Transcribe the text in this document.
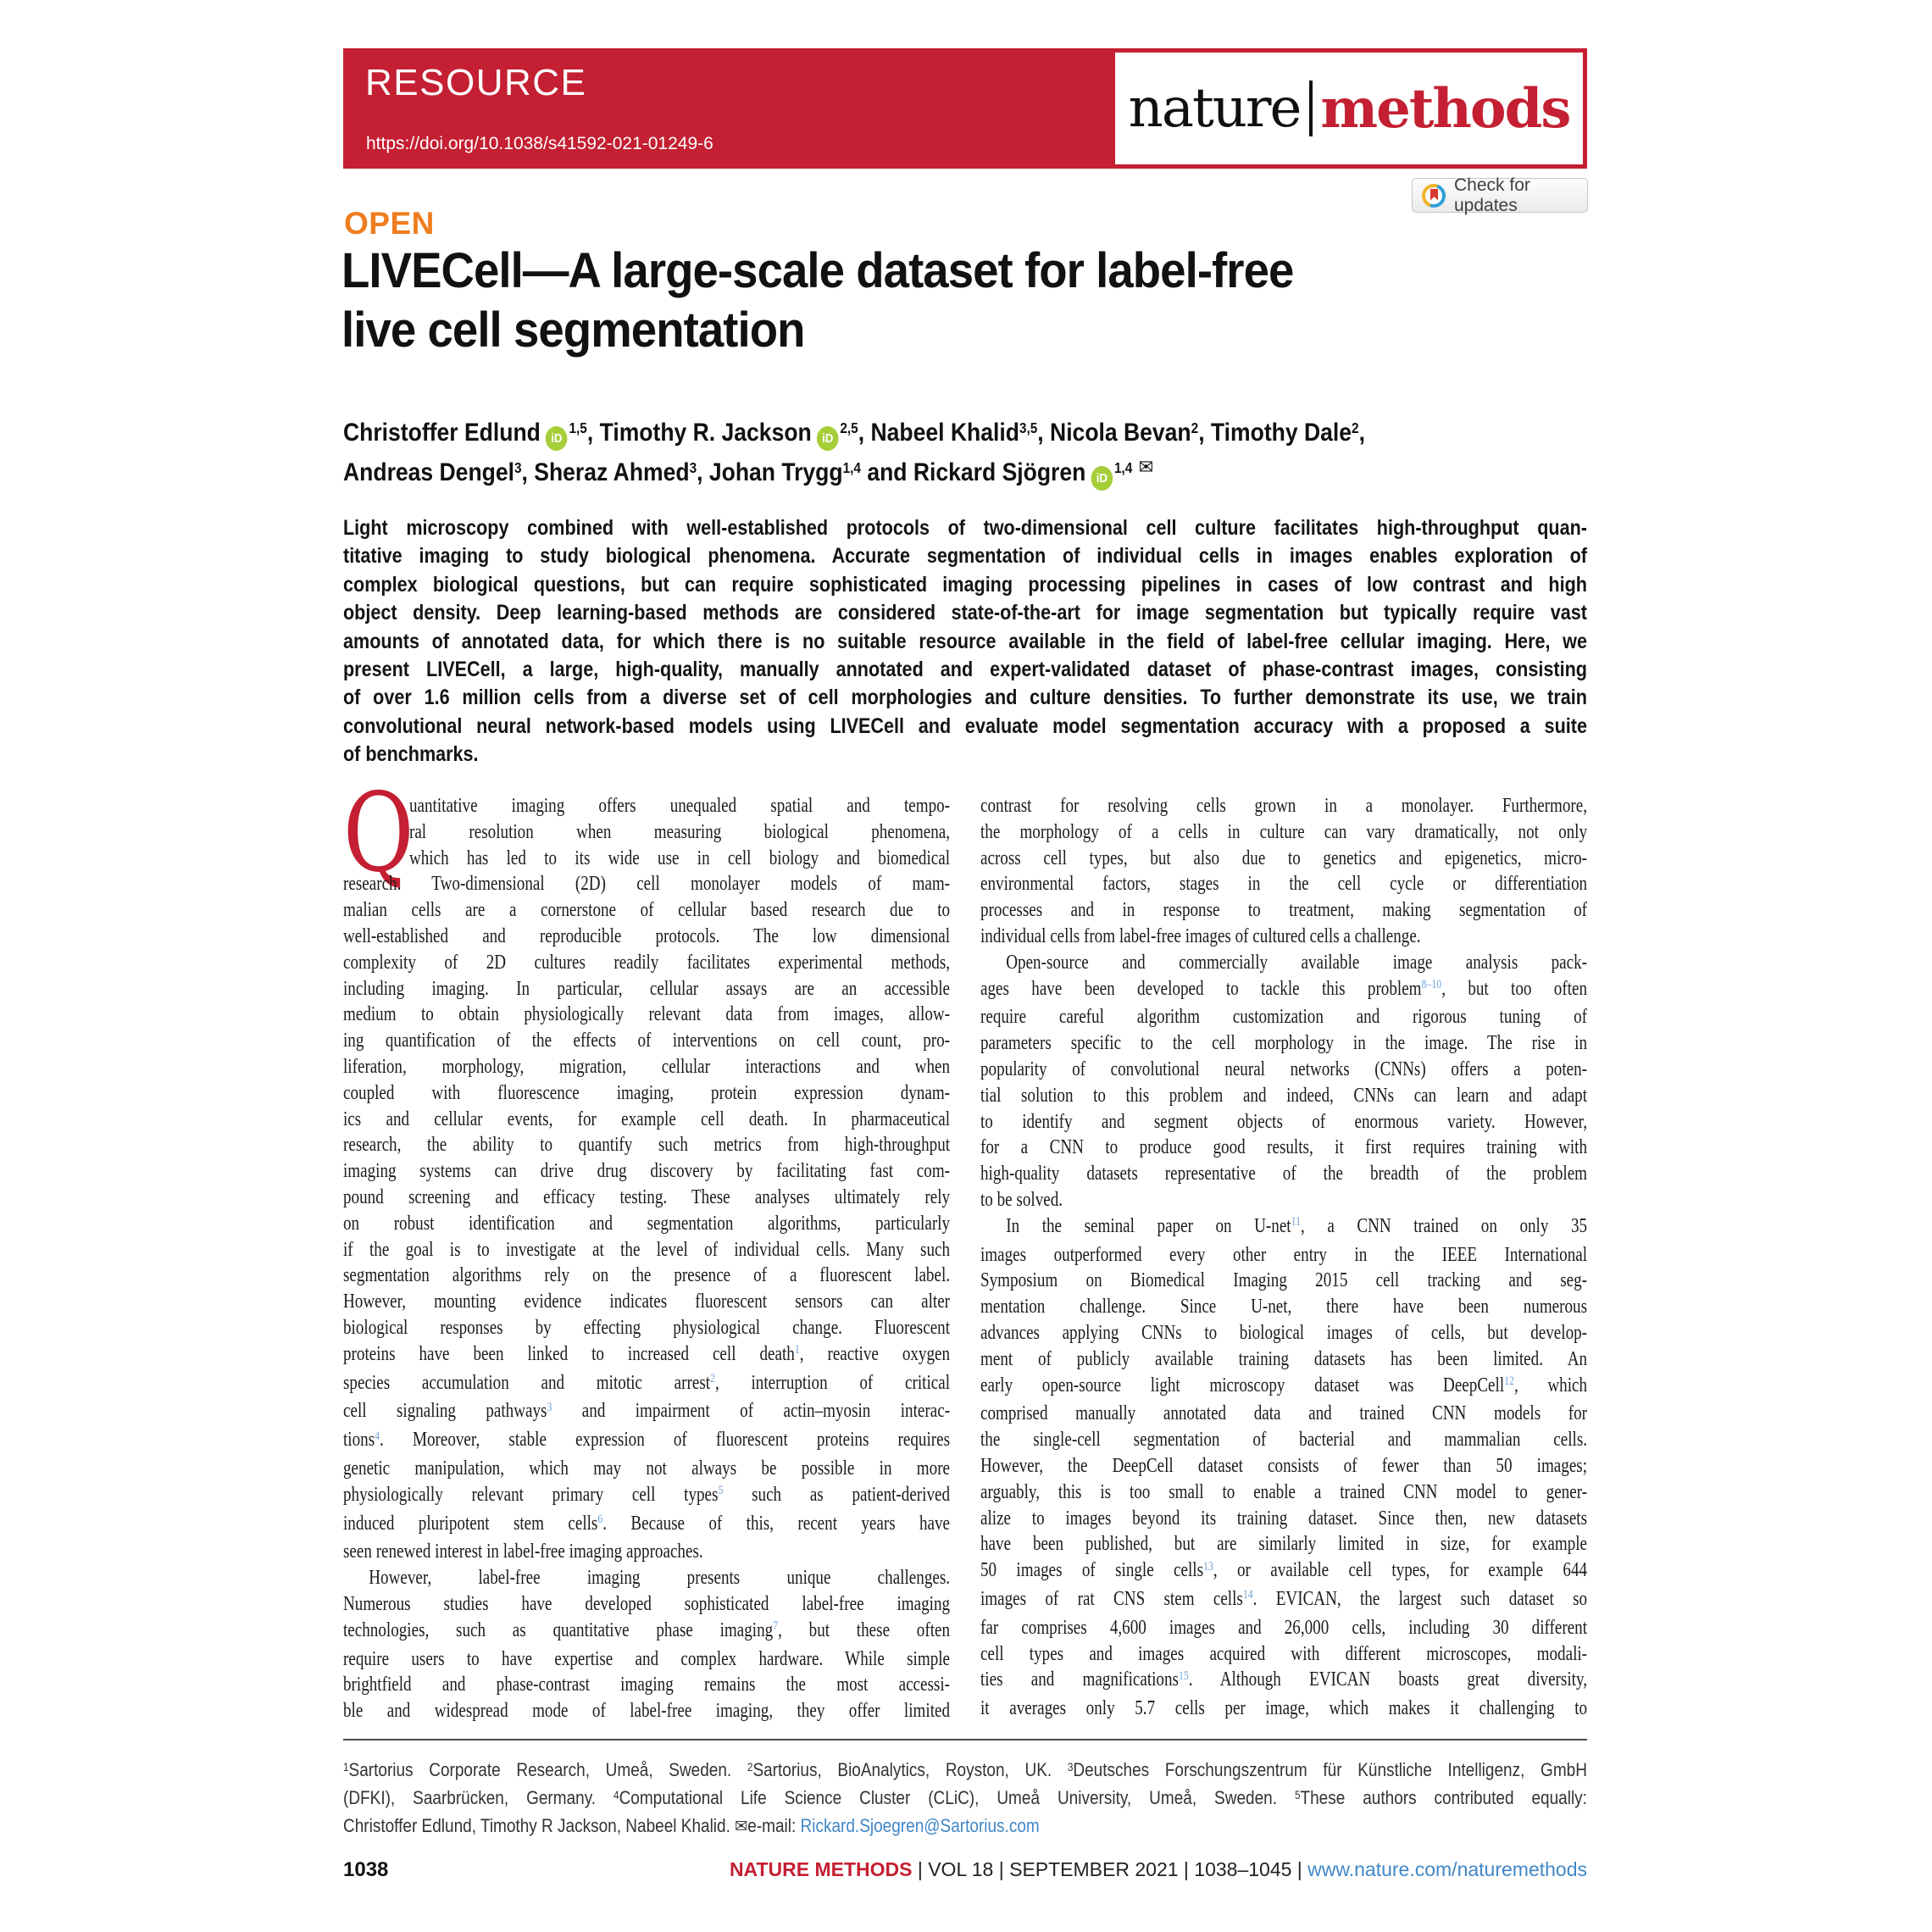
RESOURCE
https://doi.org/10.1038/s41592-021-01249-6
nature methods
Check for updates
OPEN
LIVECell—A large-scale dataset for label-free
live cell segmentation
Christoffer Edlund iD$^{1,5}$, Timothy R. Jackson iD$^{2,5}$, Nabeel Khalid$^{3,5}$, Nicola Bevan$^2$, Timothy Dale$^2$,
Andreas Dengel$^3$, Sheraz Ahmed$^3$, Johan Trygg$^{1,4}$ and Rickard Sjögren iD$^{1,4}$ ✉
Light microscopy combined with well-established protocols of two-dimensional cell culture facilitates high-throughput quan-
titative imaging to study biological phenomena. Accurate segmentation of individual cells in images enables exploration of
complex biological questions, but can require sophisticated imaging processing pipelines in cases of low contrast and high
object density. Deep learning-based methods are considered state-of-the-art for image segmentation but typically require vast
amounts of annotated data, for which there is no suitable resource available in the field of label-free cellular imaging. Here, we
present LIVECell, a large, high-quality, manually annotated and expert-validated dataset of phase-contrast images, consisting
of over 1.6 million cells from a diverse set of cell morphologies and culture densities. To further demonstrate its use, we train
convolutional neural network-based models using LIVECell and evaluate model segmentation accuracy with a proposed a suite
of benchmarks.
Q
uantitative imaging offers unequaled spatial and tempo-
ral resolution when measuring biological phenomena,
which has led to its wide use in cell biology and biomedical
research. Two-dimensional (2D) cell monolayer models of mam-
malian cells are a cornerstone of cellular based research due to
well-established and reproducible protocols. The low dimensional
complexity of 2D cultures readily facilitates experimental methods,
including imaging. In particular, cellular assays are an accessible
medium to obtain physiologically relevant data from images, allow-
ing quantification of the effects of interventions on cell count, pro-
liferation, morphology, migration, cellular interactions and when
coupled with fluorescence imaging, protein expression dynam-
ics and cellular events, for example cell death. In pharmaceutical
research, the ability to quantify such metrics from high-throughput
imaging systems can drive drug discovery by facilitating fast com-
pound screening and efficacy testing. These analyses ultimately rely
on robust identification and segmentation algorithms, particularly
if the goal is to investigate at the level of individual cells. Many such
segmentation algorithms rely on the presence of a fluorescent label.
However, mounting evidence indicates fluorescent sensors can alter
biological responses by effecting physiological change. Fluorescent
proteins have been linked to increased cell death$^1$, reactive oxygen
species accumulation and mitotic arrest$^2$, interruption of critical
cell signaling pathways$^3$ and impairment of actin–myosin interac-
tions$^4$. Moreover, stable expression of fluorescent proteins requires
genetic manipulation, which may not always be possible in more
physiologically relevant primary cell types$^5$ such as patient-derived
induced pluripotent stem cells$^6$. Because of this, recent years have
seen renewed interest in label-free imaging approaches.
However, label-free imaging presents unique challenges.
Numerous studies have developed sophisticated label-free imaging
technologies, such as quantitative phase imaging$^7$, but these often
require users to have expertise and complex hardware. While simple
brightfield and phase-contrast imaging remains the most accessi-
ble and widespread mode of label-free imaging, they offer limited
contrast for resolving cells grown in a monolayer. Furthermore,
the morphology of a cells in culture can vary dramatically, not only
across cell types, but also due to genetics and epigenetics, micro-
environmental factors, stages in the cell cycle or differentiation
processes and in response to treatment, making segmentation of
individual cells from label-free images of cultured cells a challenge.
Open-source and commercially available image analysis pack-
ages have been developed to tackle this problem$^{8-10}$, but too often
require careful algorithm customization and rigorous tuning of
parameters specific to the cell morphology in the image. The rise in
popularity of convolutional neural networks (CNNs) offers a poten-
tial solution to this problem and indeed, CNNs can learn and adapt
to identify and segment objects of enormous variety. However,
for a CNN to produce good results, it first requires training with
high-quality datasets representative of the breadth of the problem
to be solved.
In the seminal paper on U-net$^{11}$, a CNN trained on only 35
images outperformed every other entry in the IEEE International
Symposium on Biomedical Imaging 2015 cell tracking and seg-
mentation challenge. Since U-net, there have been numerous
advances applying CNNs to biological images of cells, but develop-
ment of publicly available training datasets has been limited. An
early open-source light microscopy dataset was DeepCell$^{12}$, which
comprised manually annotated data and trained CNN models for
the single-cell segmentation of bacterial and mammalian cells.
However, the DeepCell dataset consists of fewer than 50 images;
arguably, this is too small to enable a trained CNN model to gener-
alize to images beyond its training dataset. Since then, new datasets
have been published, but are similarly limited in size, for example
50 images of single cells$^{13}$, or available cell types, for example 644
images of rat CNS stem cells$^{14}$. EVICAN, the largest such dataset so
far comprises 4,600 images and 26,000 cells, including 30 different
cell types and images acquired with different microscopes, modali-
ties and magnifications$^{15}$. Although EVICAN boasts great diversity,
it averages only 5.7 cells per image, which makes it challenging to
$^1$Sartorius Corporate Research, Umeå, Sweden. $^2$Sartorius, BioAnalytics, Royston, UK. $^3$Deutsches Forschungszentrum für Künstliche Intelligenz, GmbH
(DFKI), Saarbrücken, Germany. $^4$Computational Life Science Cluster (CLiC), Umeå University, Umeå, Sweden. $^5$These authors contributed equally:
Christoffer Edlund, Timothy R Jackson, Nabeel Khalid. ✉e-mail: Rickard.Sjoegren@Sartorius.com
1038	NATURE METHODS | VOL 18 | SEPTEMBER 2021 | 1038–1045 | www.nature.com/naturemethods
